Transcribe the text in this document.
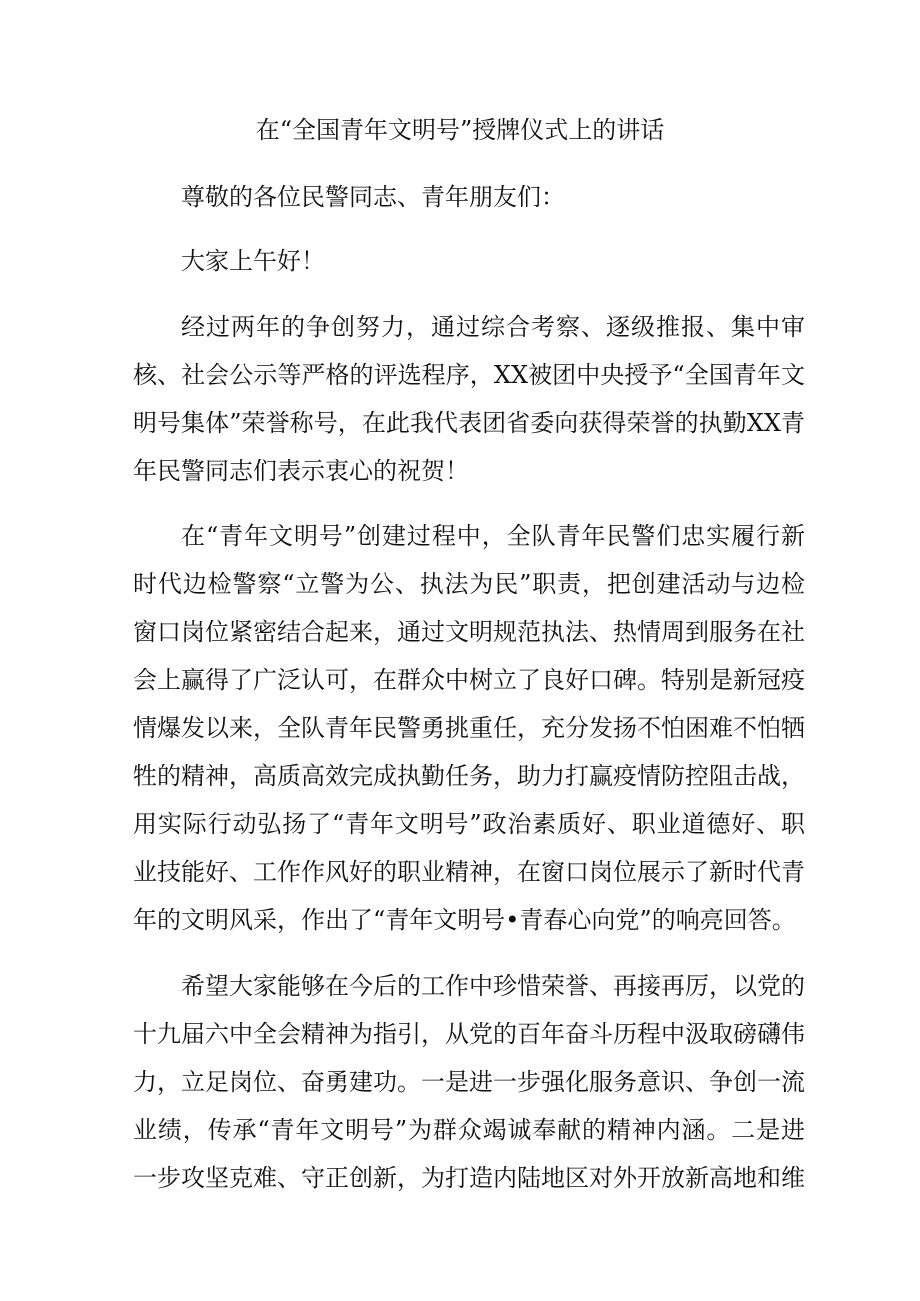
在“全国青年文明号”授牌仪式上的讲话

尊敬的各位民警同志、青年朋友们：

大家上午好！

经过两年的争创努力，通过综合考察、逐级推报、集中审核、社会公示等严格的评选程序，XX被团中央授予“全国青年文明号集体”荣誉称号，在此我代表团省委向获得荣誉的执勤XX青年民警同志们表示衷心的祝贺！

在“青年文明号”创建过程中，全队青年民警们忠实履行新时代边检警察“立警为公、执法为民”职责，把创建活动与边检窗口岗位紧密结合起来，通过文明规范执法、热情周到服务在社会上赢得了广泛认可，在群众中树立了良好口碑。特别是新冠疫情爆发以来，全队青年民警勇挑重任，充分发扬不怕困难不怕牺牲的精神，高质高效完成执勤任务，助力打赢疫情防控阻击战，用实际行动弘扬了“青年文明号”政治素质好、职业道德好、职业技能好、工作作风好的职业精神，在窗口岗位展示了新时代青年的文明风采，作出了“青年文明号•青春心向党”的响亮回答。

希望大家能够在今后的工作中珍惜荣誉、再接再厉，以党的十九届六中全会精神为指引，从党的百年奋斗历程中汲取磅礴伟力，立足岗位、奋勇建功。一是进一步强化服务意识、争创一流业绩，传承“青年文明号”为群众竭诚奉献的精神内涵。二是进一步攻坚克难、守正创新，为打造内陆地区对外开放新高地和维
